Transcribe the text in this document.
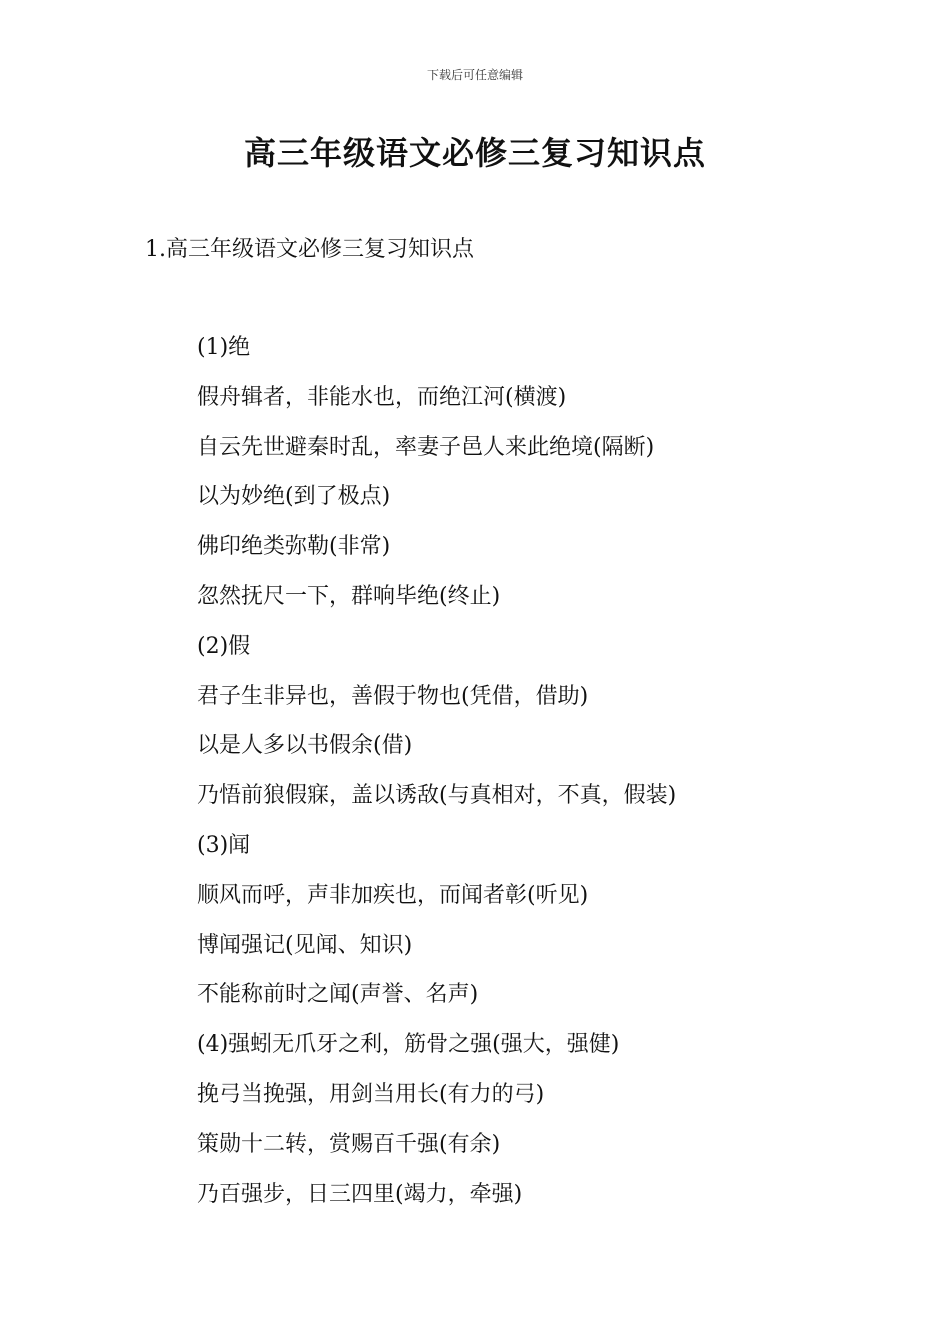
下载后可任意编辑
高三年级语文必修三复习知识点
1.高三年级语文必修三复习知识点
(1)绝
假舟辑者，非能水也，而绝江河(横渡)
自云先世避秦时乱，率妻子邑人来此绝境(隔断)
以为妙绝(到了极点)
佛印绝类弥勒(非常)
忽然抚尺一下，群响毕绝(终止)
(2)假
君子生非异也，善假于物也(凭借，借助)
以是人多以书假余(借)
乃悟前狼假寐，盖以诱敌(与真相对，不真，假装)
(3)闻
顺风而呼，声非加疾也，而闻者彰(听见)
博闻强记(见闻、知识)
不能称前时之闻(声誉、名声)
(4)强蚓无爪牙之利，筋骨之强(强大，强健)
挽弓当挽强，用剑当用长(有力的弓)
策勋十二转，赏赐百千强(有余)
乃百强步，日三四里(竭力，牵强)
